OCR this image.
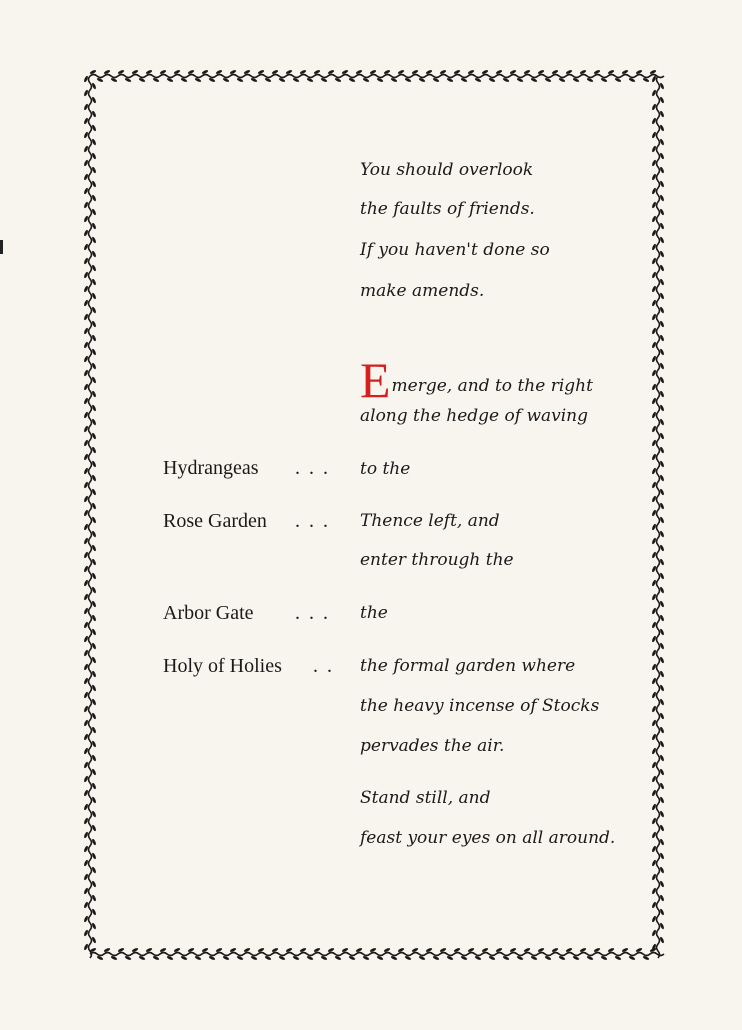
You should overlook
the faults of friends.
If you haven't done so
make amends.
Emerge, and to the right
along the hedge of waving
Hydrangeas . . . to the
Rose Garden . . . Thence left, and
enter through the
Arbor Gate . . . the
Holy of Holies . . the formal garden where
the heavy incense of Stocks
pervades the air.
Stand still, and
feast your eyes on all around.
